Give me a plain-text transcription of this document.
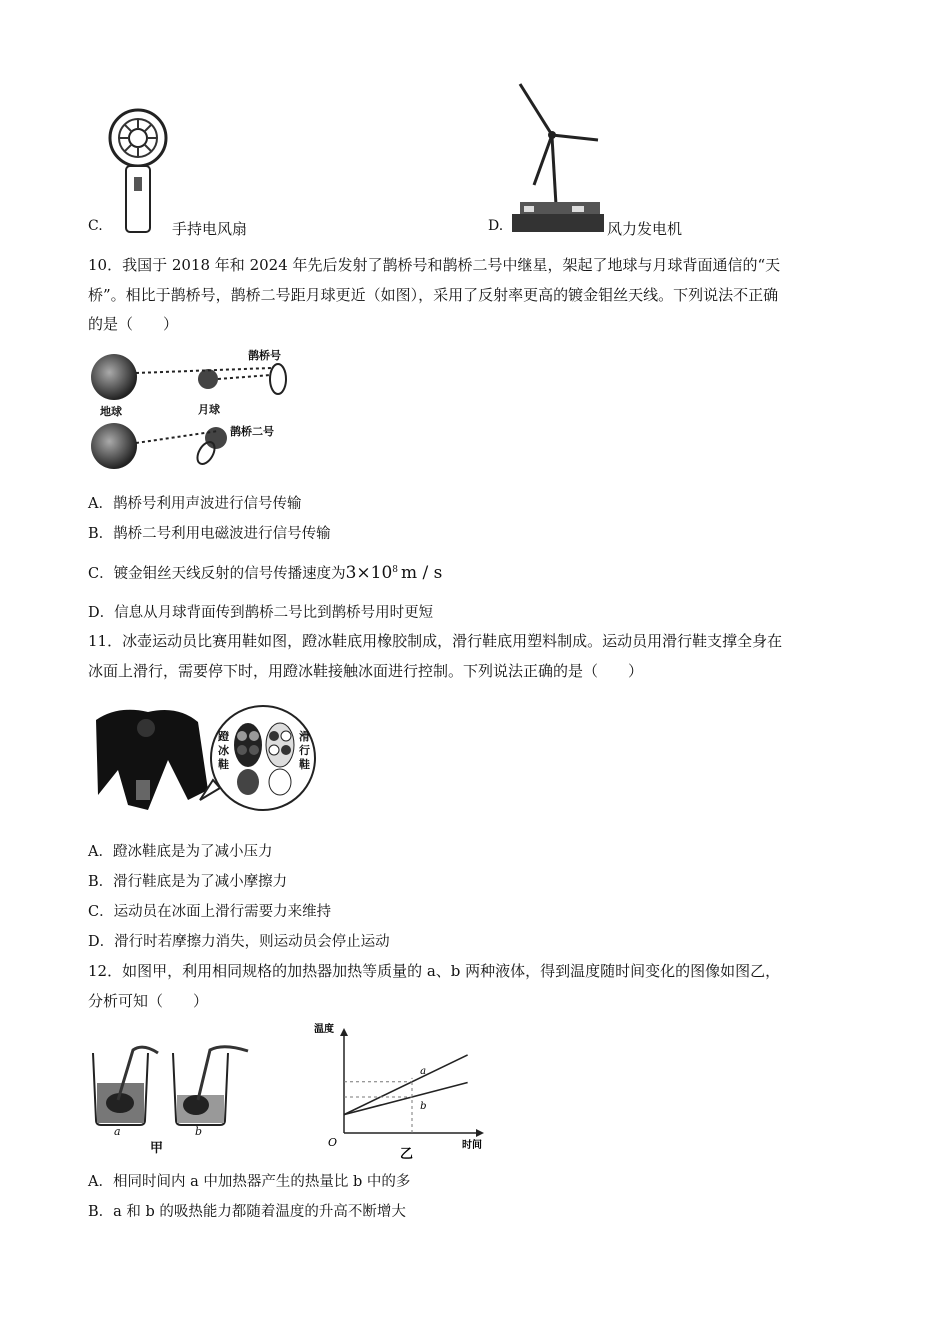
C.	手持电风扇	D.	风力发电机
10．我国于 2018 年和 2024 年先后发射了鹊桥号和鹊桥二号中继星，架起了地球与月球背面通信的“天
桥”。相比于鹊桥号，鹊桥二号距月球更近（如图），采用了反射率更高的镀金钼丝天线。下列说法不正确
的是（　　）
鹊桥号
地球	月球
鹊桥二号
A．鹊桥号利用声波进行信号传输
B．鹊桥二号利用电磁波进行信号传输
C．镀金钼丝天线反射的信号传播速度为$3\times 10^8$ m / s
D．信息从月球背面传到鹊桥二号比到鹊桥号用时更短
11．冰壶运动员比赛用鞋如图，蹬冰鞋底用橡胶制成，滑行鞋底用塑料制成。运动员用滑行鞋支撑全身在
冰面上滑行，需要停下时，用蹬冰鞋接触冰面进行控制。下列说法正确的是（　　）
蹬冰鞋
滑行鞋
A．蹬冰鞋底是为了减小压力
B．滑行鞋底是为了减小摩擦力
C．运动员在冰面上滑行需要力来维持
D．滑行时若摩擦力消失，则运动员会停止运动
12．如图甲，利用相同规格的加热器加热等质量的 a、b 两种液体，得到温度随时间变化的图像如图乙，
分析可知（　　）
a	b
甲
a
b
温度
时间
O
乙
A．相同时间内 a 中加热器产生的热量比 b 中的多
B．a 和 b 的吸热能力都随着温度的升高不断增大
